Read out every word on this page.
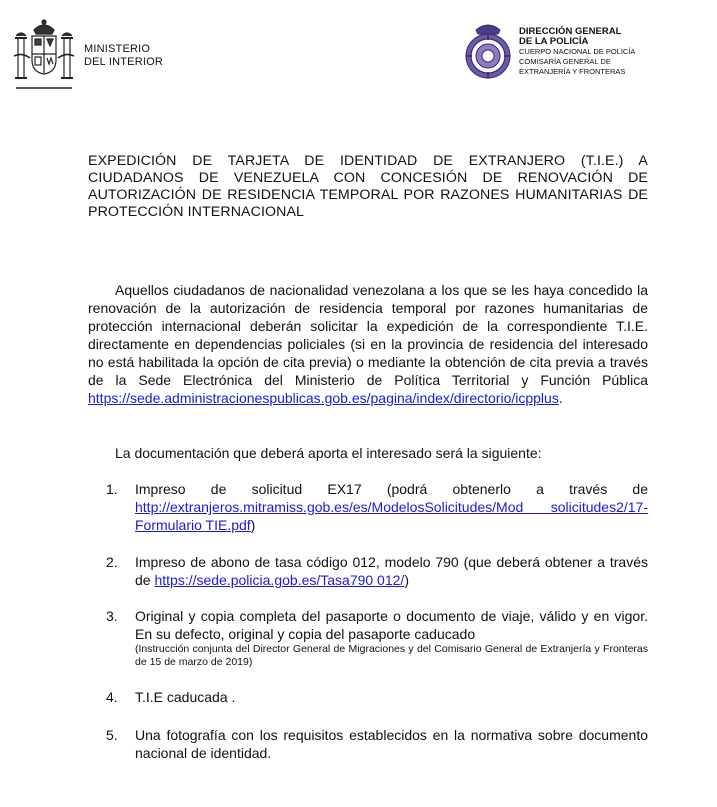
MINISTERIO
DEL INTERIOR
DIRECCIÓN GENERAL
DE LA POLICÍA
CUERPO NACIONAL DE POLICÍA
COMISARÍA GENERAL DE
EXTRANJERÍA Y FRONTERAS
EXPEDICIÓN DE TARJETA DE IDENTIDAD DE EXTRANJERO (T.I.E.) A CIUDADANOS DE VENEZUELA CON CONCESIÓN DE RENOVACIÓN DE AUTORIZACIÓN DE RESIDENCIA TEMPORAL POR RAZONES HUMANITARIAS DE PROTECCIÓN INTERNACIONAL
Aquellos ciudadanos de nacionalidad venezolana a los que se les haya concedido la renovación de la autorización de residencia temporal por razones humanitarias de protección internacional deberán solicitar la expedición de la correspondiente T.I.E. directamente en dependencias policiales (si en la provincia de residencia del interesado no está habilitada la opción de cita previa) o mediante la obtención de cita previa a través de la Sede Electrónica del Ministerio de Política Territorial y Función Pública https://sede.administracionespublicas.gob.es/pagina/index/directorio/icpplus.
La documentación que deberá aporta el interesado será la siguiente:
1. Impreso de solicitud EX17 (podrá obtenerlo a través de http://extranjeros.mitramiss.gob.es/es/ModelosSolicitudes/Mod solicitudes2/17-Formulario TIE.pdf)
2. Impreso de abono de tasa código 012, modelo 790 (que deberá obtener a través de https://sede.policia.gob.es/Tasa790 012/)
3. Original y copia completa del pasaporte o documento de viaje, válido y en vigor. En su defecto, original y copia del pasaporte caducado
(Instrucción conjunta del Director General de Migraciones y del Comisario General de Extranjería y Fronteras de 15 de marzo de 2019)
4. T.I.E caducada .
5. Una fotografía con los requisitos establecidos en la normativa sobre documento nacional de identidad.
